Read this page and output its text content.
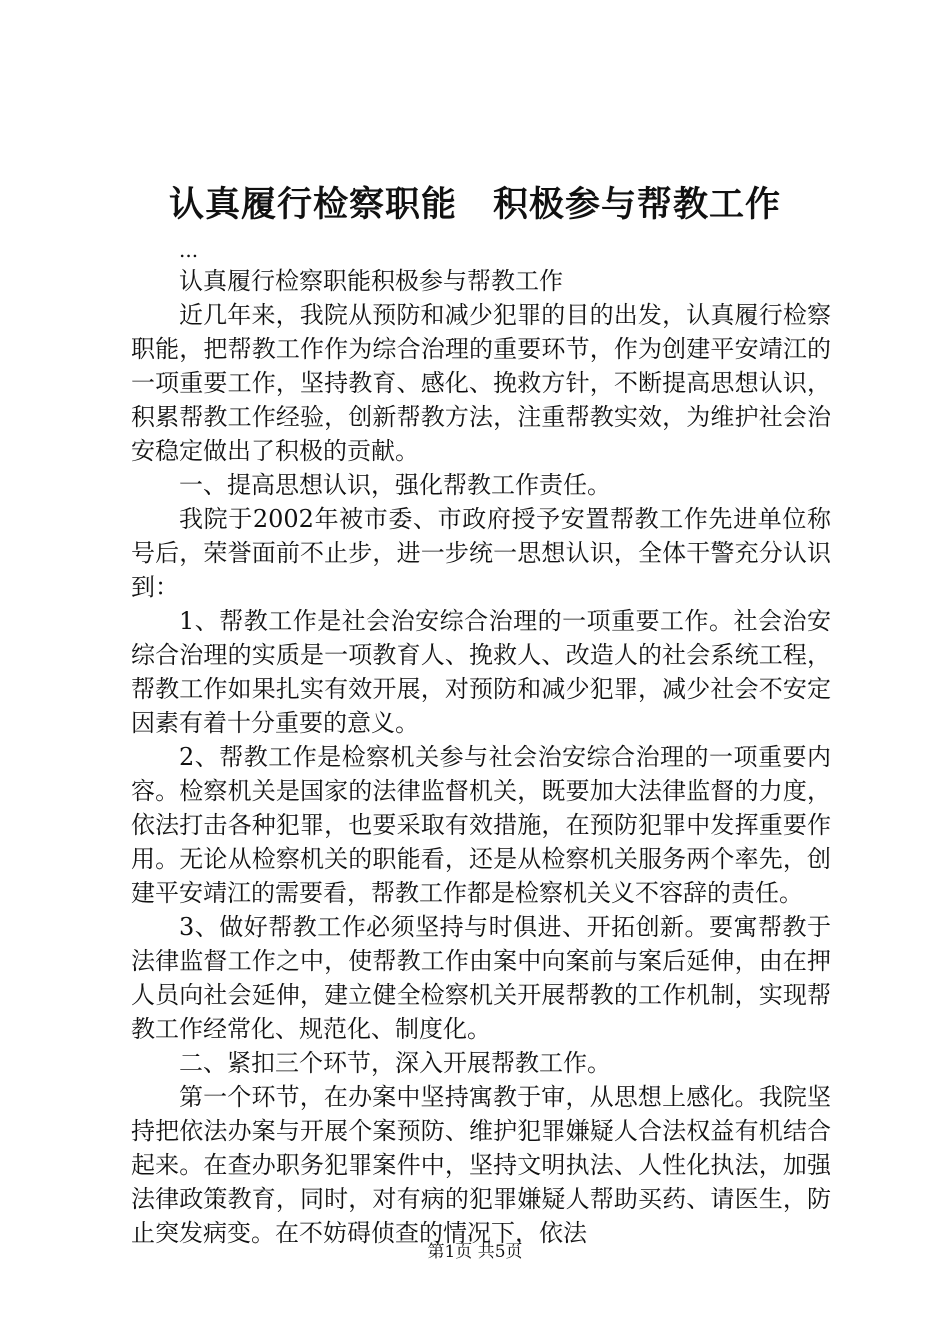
认真履行检察职能　积极参与帮教工作

...

认真履行检察职能积极参与帮教工作

近几年来，我院从预防和减少犯罪的目的出发，认真履行检察职能，把帮教工作作为综合治理的重要环节，作为创建平安靖江的一项重要工作，坚持教育、感化、挽救方针，不断提高思想认识，积累帮教工作经验，创新帮教方法，注重帮教实效，为维护社会治安稳定做出了积极的贡献。

一、提高思想认识，强化帮教工作责任。

我院于2002年被市委、市政府授予安置帮教工作先进单位称号后，荣誉面前不止步，进一步统一思想认识，全体干警充分认识到：

1、帮教工作是社会治安综合治理的一项重要工作。社会治安综合治理的实质是一项教育人、挽救人、改造人的社会系统工程，帮教工作如果扎实有效开展，对预防和减少犯罪，减少社会不安定因素有着十分重要的意义。

2、帮教工作是检察机关参与社会治安综合治理的一项重要内容。检察机关是国家的法律监督机关，既要加大法律监督的力度，依法打击各种犯罪，也要采取有效措施，在预防犯罪中发挥重要作用。无论从检察机关的职能看，还是从检察机关服务两个率先，创建平安靖江的需要看，帮教工作都是检察机关义不容辞的责任。

3、做好帮教工作必须坚持与时俱进、开拓创新。要寓帮教于法律监督工作之中，使帮教工作由案中向案前与案后延伸，由在押人员向社会延伸，建立健全检察机关开展帮教的工作机制，实现帮教工作经常化、规范化、制度化。

二、紧扣三个环节，深入开展帮教工作。

第一个环节，在办案中坚持寓教于审，从思想上感化。我院坚持把依法办案与开展个案预防、维护犯罪嫌疑人合法权益有机结合起来。在查办职务犯罪案件中，坚持文明执法、人性化执法，加强法律政策教育，同时，对有病的犯罪嫌疑人帮助买药、请医生，防止突发病变。在不妨碍侦查的情况下，依法

第1页 共5页
